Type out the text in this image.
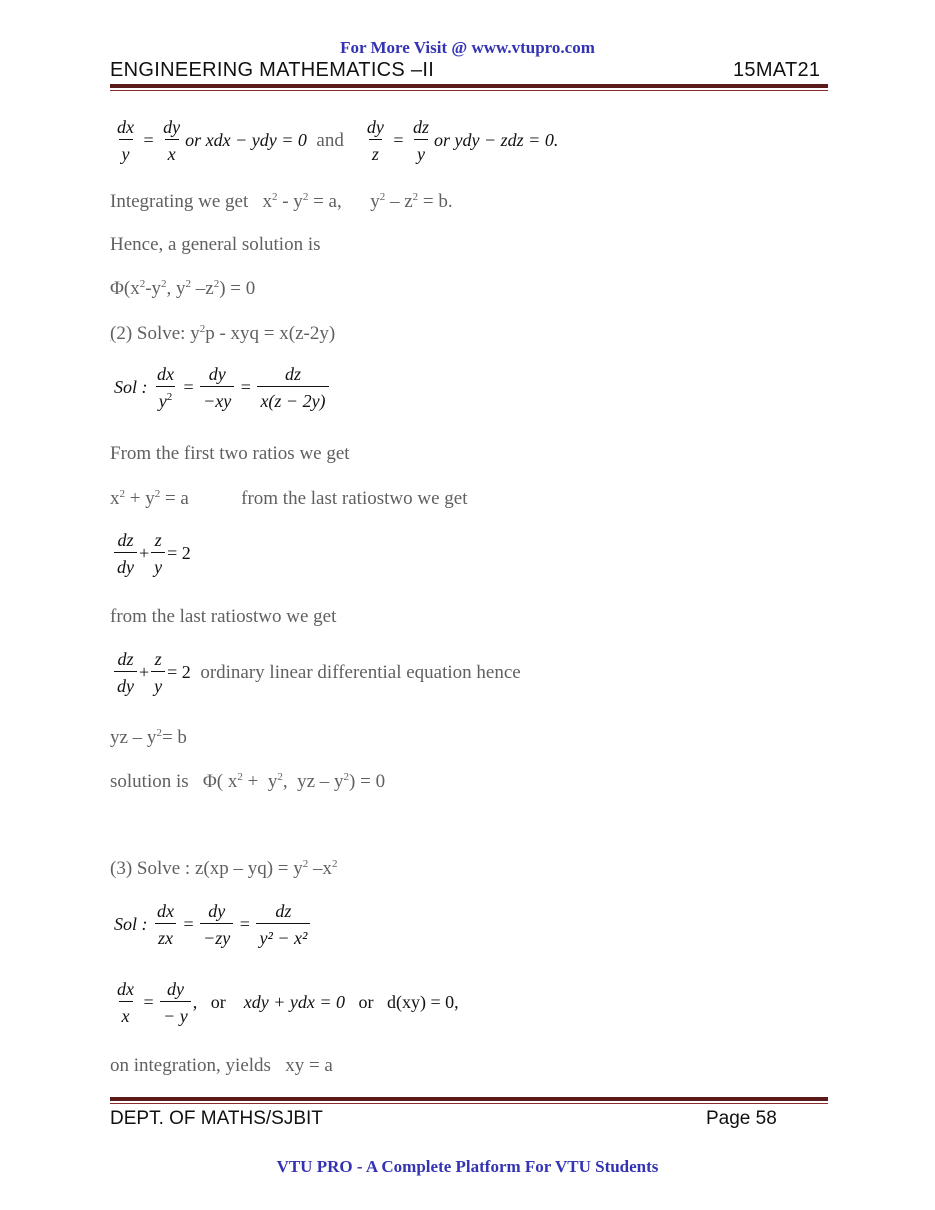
For More Visit @ www.vtupro.com
ENGINEERING MATHEMATICS –II	15MAT21
$\frac{dx}{y} = \frac{dy}{x}$ or xdx − ydy = 0
and
$\frac{dy}{z} = \frac{dz}{y}$ or ydy − zdz = 0.
Integrating we get $x^2 - y^2 = a$, $y^2 - z^2 = b$.
Hence, a general solution is
$\Phi(x^2-y^2$, $y^2$ $-z^2) = 0$
(2) Solve: $y^2p$ - xyq = x(z-2y)
Sol :
$\frac{dx}{y^2} = \frac{dy}{-xy} = \frac{dz}{x(z - 2y)}$
From the first two ratios we get
$x^2 + y^2 = a$	from the last ratiostwo we get
$\frac{dz}{dy} + \frac{z}{y} = 2$
from the last ratiostwo we get
$\frac{dz}{dy} + \frac{z}{y} = 2$
ordinary linear differential equation hence
yz – $y^2= b$
solution is Φ( $x^2 + y^2$,  yz – $y^2) = 0$
(3) Solve : $z(xp - yq) = y^2$ $-x^2$
Sol :
$\frac{dx}{zx} = \frac{dy}{-zy} = \frac{dz}{\text{y² − x²}}$
$\frac{dx}{x} = \frac{dy}{- y}$ ,
or
xdy + ydx = 0
or
d(xy) = 0,
on integration, yields   xy = a
DEPT. OF MATHS/SJBIT	Page 58
VTU PRO - A Complete Platform For VTU Students
